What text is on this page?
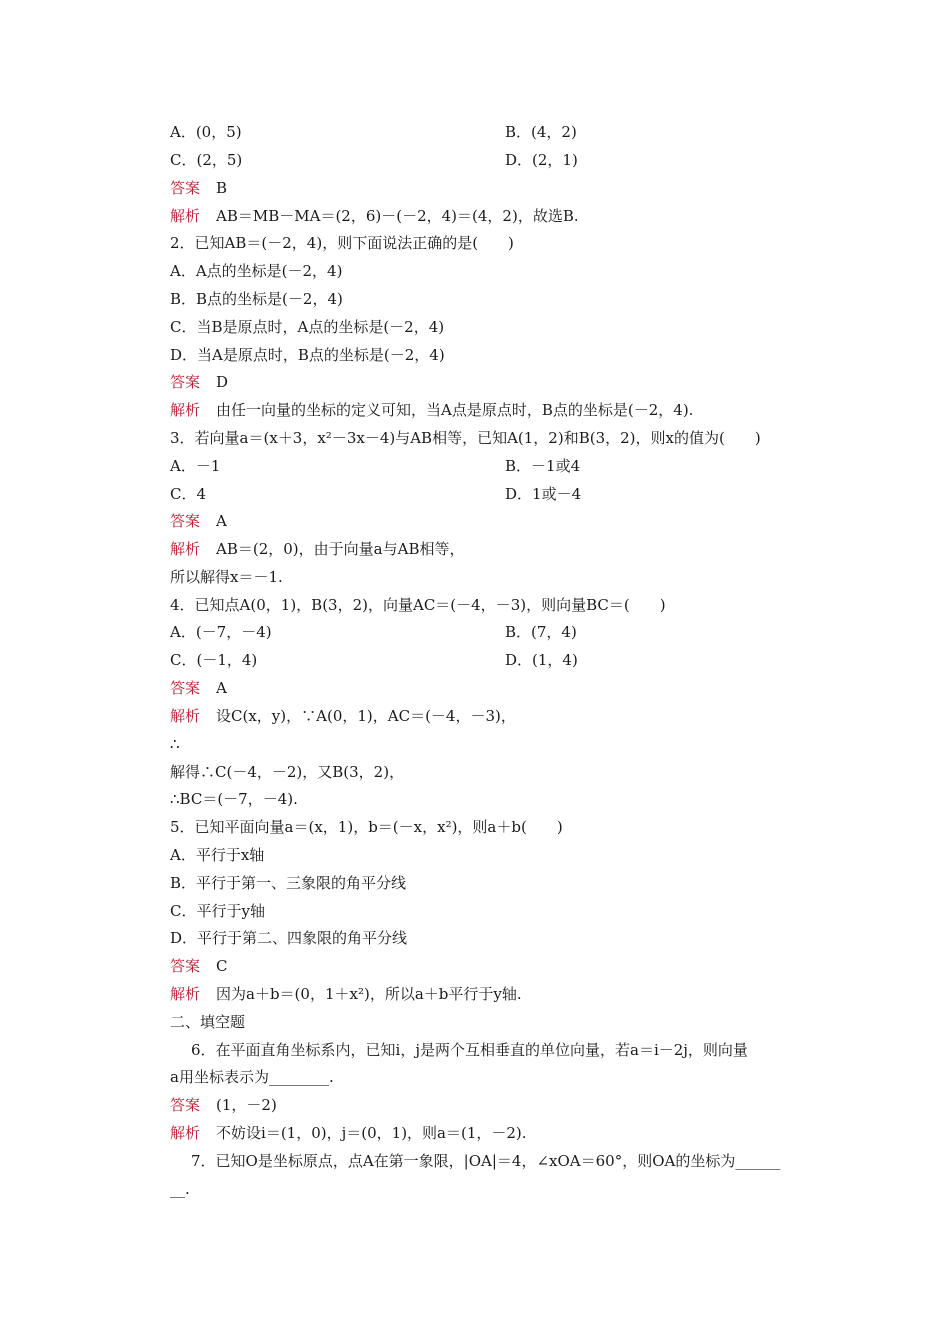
A．(0，5)	B．(4，2)
C．(2，5)	D．(2，1)
答案 B
解析 AB＝MB－MA＝(2，6)－(－2，4)＝(4，2)，故选B.
2．已知AB＝(－2，4)，则下面说法正确的是(　　)
A．A点的坐标是(－2，4)
B．B点的坐标是(－2，4)
C．当B是原点时，A点的坐标是(－2，4)
D．当A是原点时，B点的坐标是(－2，4)
答案 D
解析 由任一向量的坐标的定义可知，当A点是原点时，B点的坐标是(－2，4).
3．若向量a＝(x＋3，x²－3x－4)与AB相等，已知A(1，2)和B(3，2)，则x的值为(　　)
A．－1	B．－1或4
C．4	D．1或－4
答案 A
解析 AB＝(2，0)，由于向量a与AB相等，
所以解得x＝－1.
4．已知点A(0，1)，B(3，2)，向量AC＝(－4，－3)，则向量BC＝(　　)
A．(－7，－4)	B．(7，4)
C．(－1，4)	D．(1，4)
答案 A
解析 设C(x，y)，∵A(0，1)，AC＝(－4，－3)，
∴
解得∴C(－4，－2)，又B(3，2)，
∴BC＝(－7，－4).
5．已知平面向量a＝(x，1)，b＝(－x，x²)，则a＋b(　　)
A．平行于x轴
B．平行于第一、三象限的角平分线
C．平行于y轴
D．平行于第二、四象限的角平分线
答案 C
解析 因为a＋b＝(0，1＋x²)，所以a＋b平行于y轴.
二、填空题
6．在平面直角坐标系内，已知i，j是两个互相垂直的单位向量，若a＝i－2j，则向量
a用坐标表示为________.
答案 (1，－2)
解析 不妨设i＝(1，0)，j＝(0，1)，则a＝(1，－2).
7．已知O是坐标原点，点A在第一象限，|OA|＝4，∠xOA＝60°，则OA的坐标为______
__.
